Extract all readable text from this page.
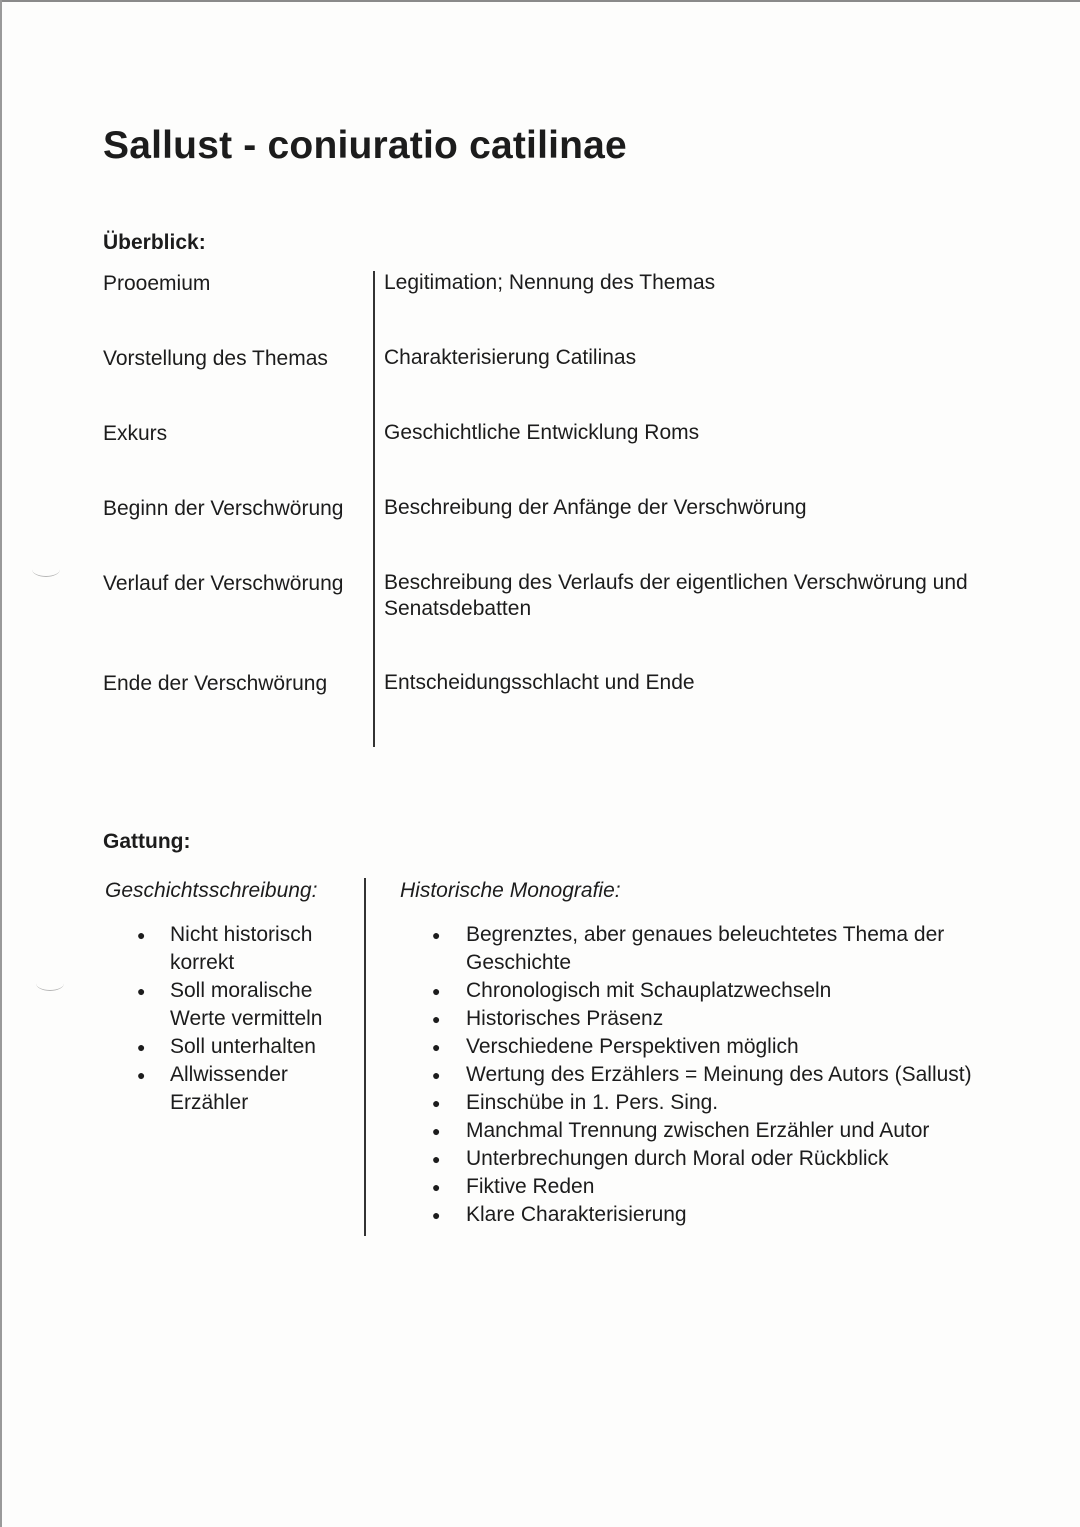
Sallust - coniuratio catilinae
Überblick:
Prooemium	Legitimation; Nennung des Themas
Vorstellung des Themas	Charakterisierung Catilinas
Exkurs	Geschichtliche Entwicklung Roms
Beginn der Verschwörung	Beschreibung der Anfänge der Verschwörung
Verlauf der Verschwörung	Beschreibung des Verlaufs der eigentlichen Verschwörung und Senatsdebatten
Ende der Verschwörung	Entscheidungsschlacht und Ende
Gattung:
Geschichtsschreibung:
● Nicht historisch korrekt
● Soll moralische Werte vermitteln
● Soll unterhalten
● Allwissender Erzähler
Historische Monografie:
● Begrenztes, aber genaues beleuchtetes Thema der Geschichte
● Chronologisch mit Schauplatzwechseln
● Historisches Präsenz
● Verschiedene Perspektiven möglich
● Wertung des Erzählers = Meinung des Autors (Sallust)
● Einschübe in 1. Pers. Sing.
● Manchmal Trennung zwischen Erzähler und Autor
● Unterbrechungen durch Moral oder Rückblick
● Fiktive Reden
● Klare Charakterisierung
